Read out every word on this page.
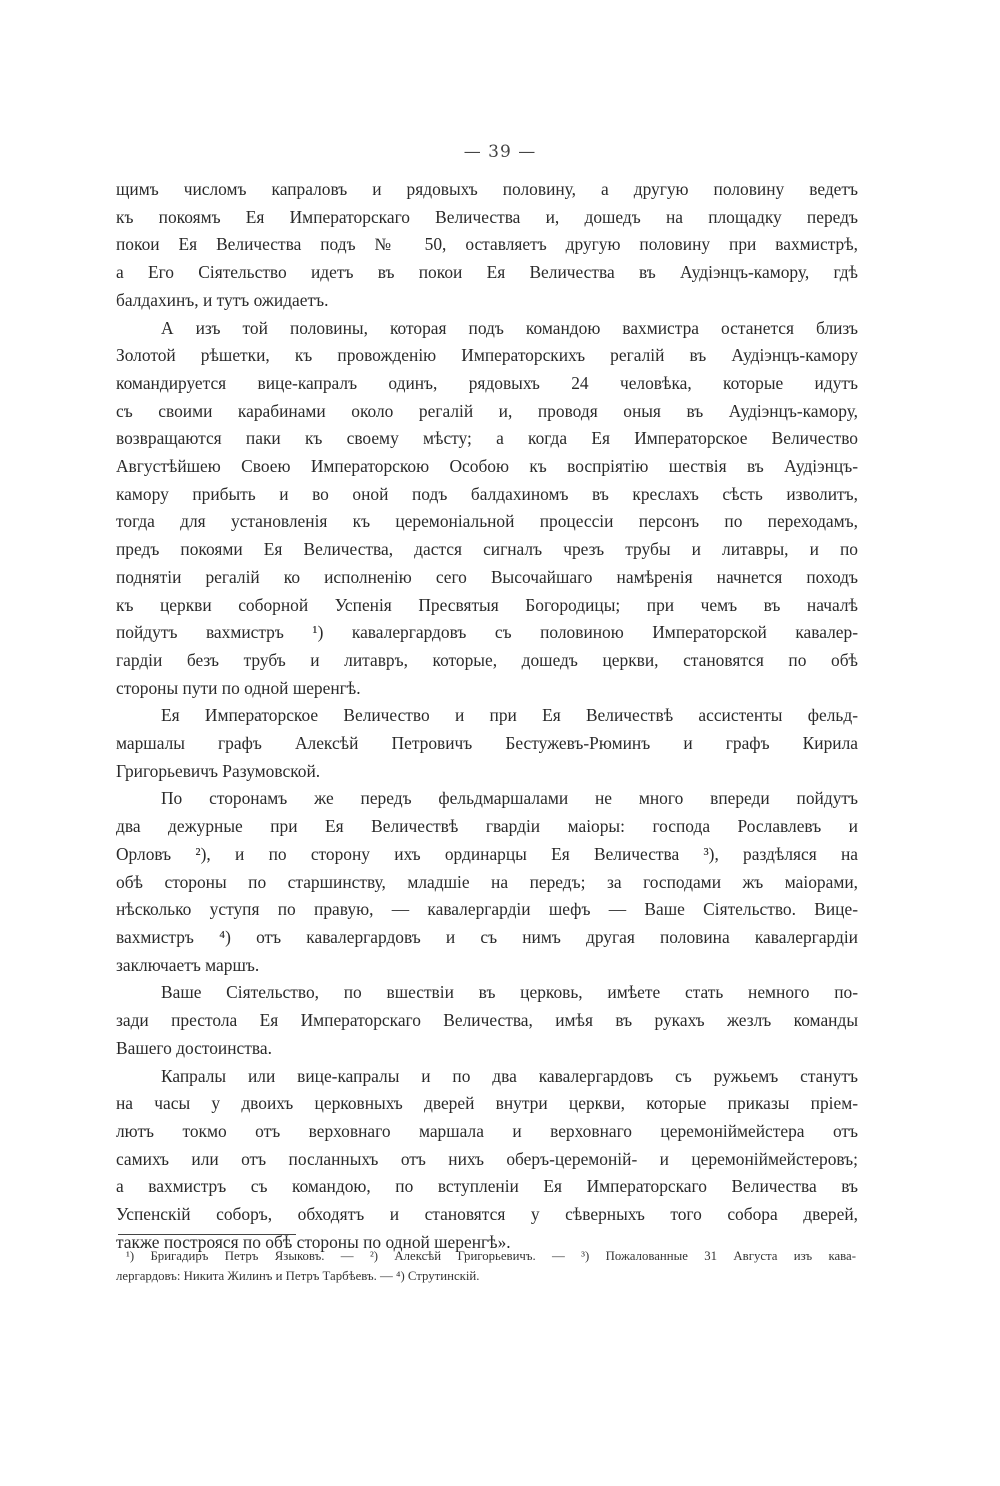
— 39 —

щимъ числомъ капраловъ и рядовыхъ половину, а другую половину ведетъ
къ покоямъ Ея Императорскаго Величества и, дошедъ на площадку передъ
покои Ея Величества подъ № 50, оставляетъ другую половину при вахмистрѣ,
а Его Сіятельство идетъ въ покои Ея Величества въ Аудіэнцъ-камору, гдѣ
балдахинъ, и тутъ ожидаетъ.

А изъ той половины, которая подъ командою вахмистра останется близъ
Золотой рѣшетки, къ провожденію Императорскихъ регалій въ Аудіэнцъ-камору
командируется вице-капралъ одинъ, рядовыхъ 24 человѣка, которые идутъ
съ своими карабинами около регалій и, проводя оныя въ Аудіэнцъ-камору,
возвращаются паки къ своему мѣсту; а когда Ея Императорское Величество
Августѣйшею Своею Императорскою Особою къ воспріятію шествія въ Аудіэнцъ-
камору прибыть и во оной подъ балдахиномъ въ креслахъ сѣсть изволитъ,
тогда для установленія къ церемоніальной процессіи персонъ по переходамъ,
предъ покоями Ея Величества, дастся сигналъ чрезъ трубы и литавры, и по
поднятіи регалій ко исполненію сего Высочайшаго намѣренія начнется походъ
къ церкви соборной Успенія Пресвятыя Богородицы; при чемъ въ началѣ
пойдутъ вахмистръ ¹) кавалергардовъ съ половиною Императорской кавалер-
гардіи безъ трубъ и литавръ, которые, дошедъ церкви, становятся по обѣ
стороны пути по одной шеренгѣ.

Ея Императорское Величество и при Ея Величествѣ ассистенты фельд-
маршалы графъ Алексѣй Петровичъ Бестужевъ-Рюминъ и графъ Кирила
Григорьевичъ Разумовской.

По сторонамъ же передъ фельдмаршалами не много впереди пойдутъ
два дежурные при Ея Величествѣ гвардіи маіоры: господа Рославлевъ и
Орловъ ²), и по сторону ихъ ординарцы Ея Величества ³), раздѣляся на
обѣ стороны по старшинству, младшіе на передъ; за господами жъ маіорами,
нѣсколько уступя по правую, — кавалергардіи шефъ — Ваше Сіятельство. Вице-
вахмистръ ⁴) отъ кавалергардовъ и съ нимъ другая половина кавалергардіи
заключаетъ маршъ.

Ваше Сіятельство, по вшествіи въ церковь, имѣете стать немного по-
зади престола Ея Императорскаго Величества, имѣя въ рукахъ жезлъ команды
Вашего достоинства.

Капралы или вице-капралы и по два кавалергардовъ съ ружьемъ станутъ
на часы у двоихъ церковныхъ дверей внутри церкви, которые приказы пріем-
лютъ токмо отъ верховнаго маршала и верховнаго церемоніймейстера отъ
самихъ или отъ посланныхъ отъ нихъ оберъ-церемоній- и церемоніймейстеровъ;
а вахмистръ съ командою, по вступленіи Ея Императорскаго Величества въ
Успенскій соборъ, обходятъ и становятся у сѣверныхъ того собора дверей,
также построяся по обѣ стороны по одной шеренгѣ».

¹) Бригадиръ Петръ Языковъ. — ²) Алексѣй Григорьевичъ. — ³) Пожалованные 31 Августа изъ кава-
лергардовъ: Никита Жилинъ и Петръ Тарбѣевъ. — ⁴) Струтинскій.
